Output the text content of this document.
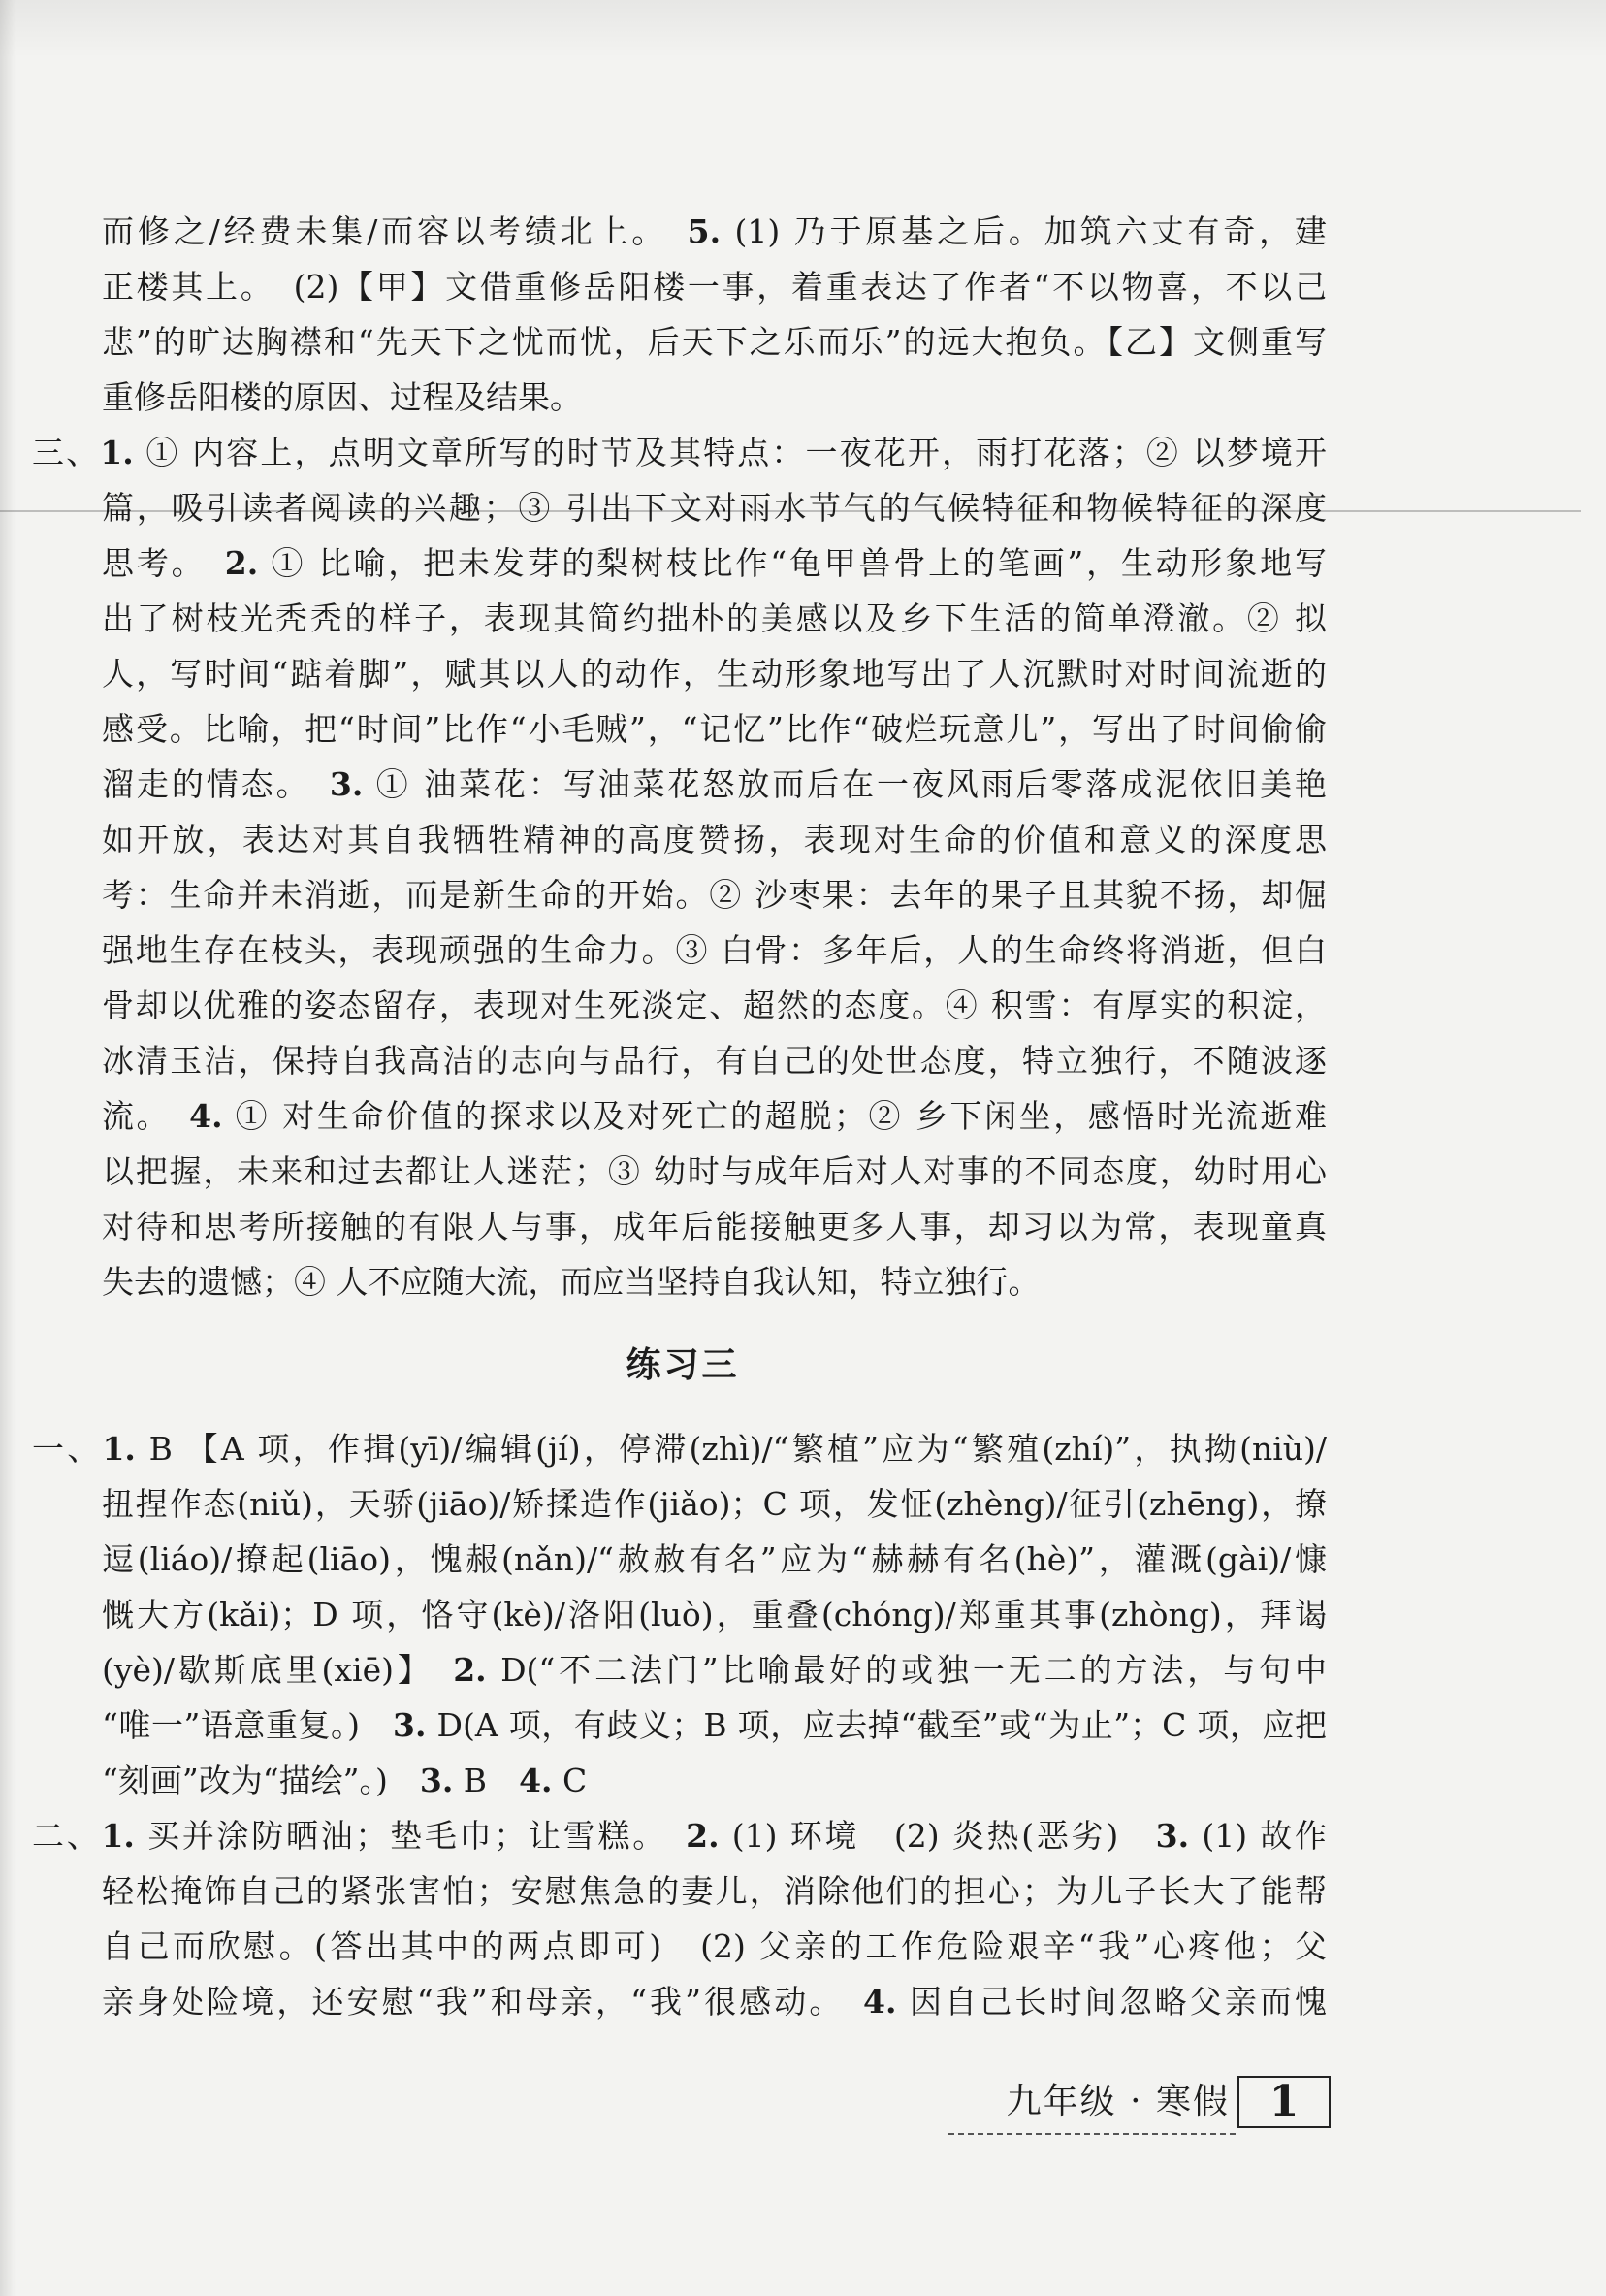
而修之/经费未集/而容以考绩北上。　5. (1) 乃于原基之后。加筑六丈有奇，建
正楼其上。　(2)【甲】文借重修岳阳楼一事，着重表达了作者“不以物喜，不以己
悲”的旷达胸襟和“先天下之忧而忧，后天下之乐而乐”的远大抱负。【乙】文侧重写
重修岳阳楼的原因、过程及结果。
三、1. ① 内容上，点明文章所写的时节及其特点：一夜花开，雨打花落；② 以梦境开
篇，吸引读者阅读的兴趣；③ 引出下文对雨水节气的气候特征和物候特征的深度
思考。　2. ① 比喻，把未发芽的梨树枝比作“龟甲兽骨上的笔画”，生动形象地写
出了树枝光秃秃的样子，表现其简约拙朴的美感以及乡下生活的简单澄澈。② 拟
人，写时间“踮着脚”，赋其以人的动作，生动形象地写出了人沉默时对时间流逝的
感受。比喻，把“时间”比作“小毛贼”，“记忆”比作“破烂玩意儿”，写出了时间偷偷
溜走的情态。　3. ① 油菜花：写油菜花怒放而后在一夜风雨后零落成泥依旧美艳
如开放，表达对其自我牺牲精神的高度赞扬，表现对生命的价值和意义的深度思
考：生命并未消逝，而是新生命的开始。② 沙枣果：去年的果子且其貌不扬，却倔
强地生存在枝头，表现顽强的生命力。③ 白骨：多年后，人的生命终将消逝，但白
骨却以优雅的姿态留存，表现对生死淡定、超然的态度。④ 积雪：有厚实的积淀，
冰清玉洁，保持自我高洁的志向与品行，有自己的处世态度，特立独行，不随波逐
流。　4. ① 对生命价值的探求以及对死亡的超脱；② 乡下闲坐，感悟时光流逝难
以把握，未来和过去都让人迷茫；③ 幼时与成年后对人对事的不同态度，幼时用心
对待和思考所接触的有限人与事，成年后能接触更多人事，却习以为常，表现童真
失去的遗憾；④ 人不应随大流，而应当坚持自我认知，特立独行。
练习三
一、1. B 【A 项，作揖(yī)/编辑(jí)，停滞(zhì)/“繁植”应为“繁殖(zhí)”，执拗(niù)/
扭捏作态(niǔ)，天骄(jiāo)/矫揉造作(jiǎo)；C 项，发怔(zhèng)/征引(zhēng)，撩
逗(liáo)/撩起(liāo)，愧赧(nǎn)/“赦赦有名”应为“赫赫有名(hè)”，灌溉(gài)/慷
慨大方(kǎi)；D 项，恪守(kè)/洛阳(luò)，重叠(chóng)/郑重其事(zhòng)，拜谒
(yè)/歇斯底里(xiē)】　2. D(“不二法门”比喻最好的或独一无二的方法，与句中
“唯一”语意重复。)　3. D(A 项，有歧义；B 项，应去掉“截至”或“为止”；C 项，应把
“刻画”改为“描绘”。)　3. B　4. C
二、1. 买并涂防晒油；垫毛巾；让雪糕。　2. (1) 环境　(2) 炎热(恶劣)　3. (1) 故作
轻松掩饰自己的紧张害怕；安慰焦急的妻儿，消除他们的担心；为儿子长大了能帮
自己而欣慰。(答出其中的两点即可)　(2) 父亲的工作危险艰辛“我”心疼他；父
亲身处险境，还安慰“我”和母亲，“我”很感动。　4. 因自己长时间忽略父亲而愧
九年级 · 寒假 1
